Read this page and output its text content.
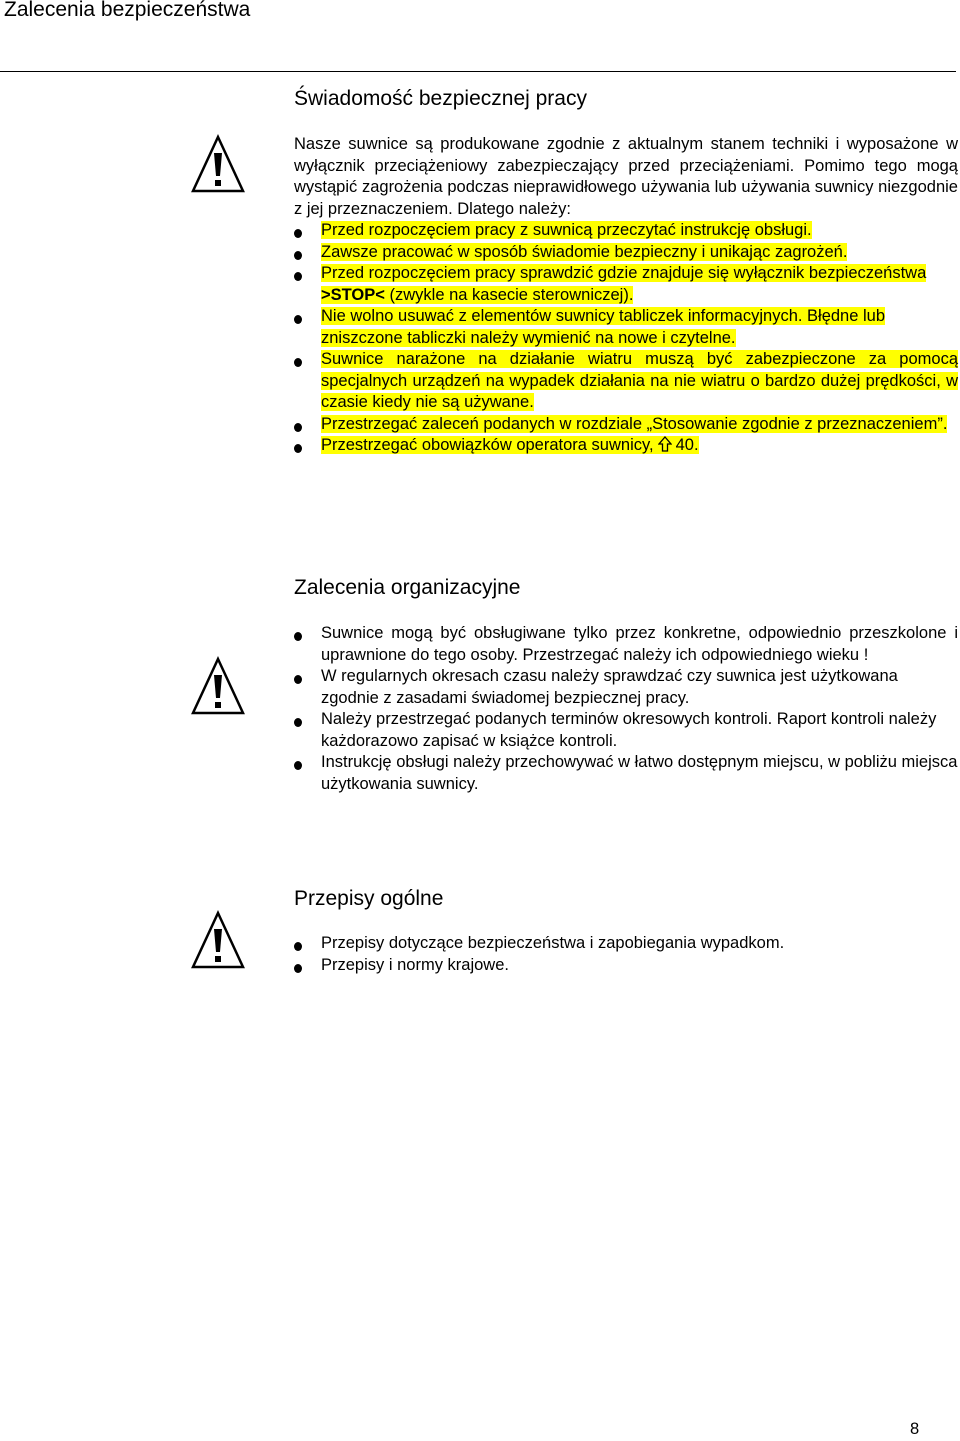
Zalecenia bezpieczeństwa
Świadomość bezpiecznej pracy

Nasze suwnice są produkowane zgodnie z aktualnym stanem techniki i wyposażone w wyłącznik przeciążeniowy zabezpieczający przed przeciążeniami. Pomimo tego mogą wystąpić zagrożenia podczas nieprawidłowego używania lub używania suwnicy niezgodnie z jej przeznaczeniem. Dlatego należy:

Przed rozpoczęciem pracy z suwnicą przeczytać instrukcję obsługi.
Zawsze pracować w sposób świadomie bezpieczny i unikając zagrożeń.
Przed rozpoczęciem pracy sprawdzić gdzie znajduje się wyłącznik bezpieczeństwa >STOP< (zwykle na kasecie sterowniczej).
Nie wolno usuwać z elementów suwnicy tabliczek informacyjnych. Błędne lub zniszczone tabliczki należy wymienić na nowe i czytelne.
Suwnice narażone na działanie wiatru muszą być zabezpieczone za pomocą specjalnych urządzeń na wypadek działania na nie wiatru o bardzo dużej prędkości, w czasie kiedy nie są używane.
Przestrzegać zaleceń podanych w rozdziale „Stosowanie zgodnie z przeznaczeniem”.
Przestrzegać obowiązków operatora suwnicy, 40.
Zalecenia organizacyjne
Suwnice mogą być obsługiwane tylko przez konkretne, odpowiednio przeszkolone i uprawnione do tego osoby. Przestrzegać należy ich odpowiedniego wieku !
W regularnych okresach czasu należy sprawdzać czy suwnica jest użytkowana zgodnie z zasadami świadomej bezpiecznej pracy.
Należy przestrzegać podanych terminów okresowych kontroli. Raport kontroli należy każdorazowo zapisać w książce kontroli.
Instrukcję obsługi należy przechowywać w łatwo dostępnym miejscu, w pobliżu miejsca użytkowania suwnicy.
Przepisy ogólne
Przepisy dotyczące bezpieczeństwa i zapobiegania wypadkom.
Przepisy i normy krajowe.
8
